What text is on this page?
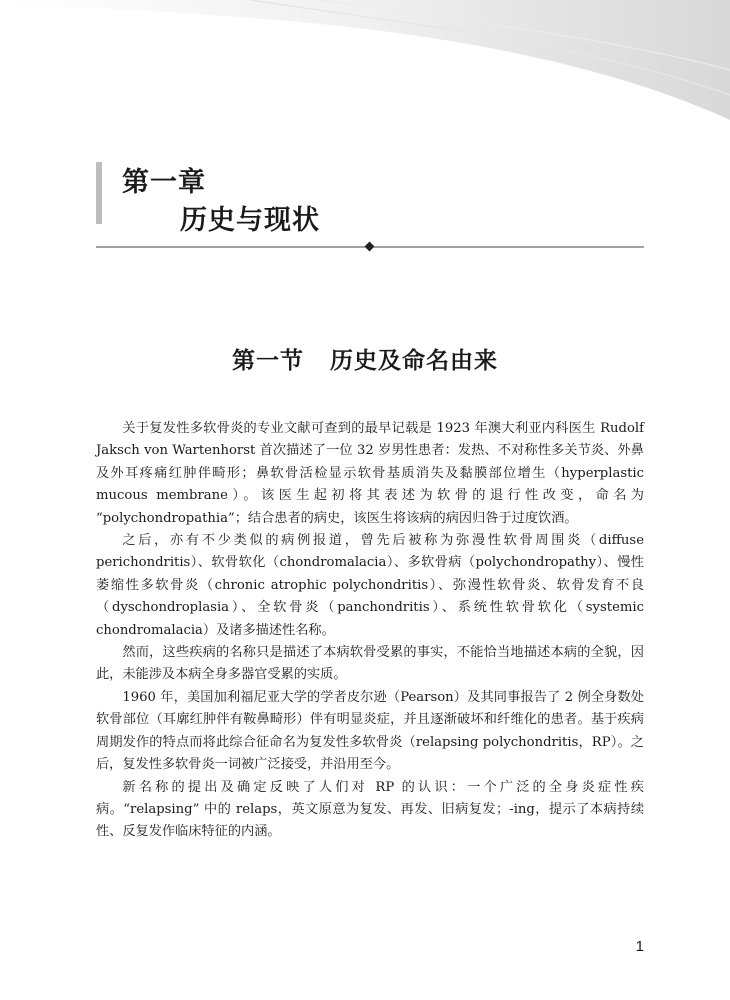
第一章
历史与现状
第一节 历史及命名由来

关于复发性多软骨炎的专业文献可查到的最早记载是 1923 年澳大利亚内科医生 Rudolf Jaksch von Wartenhorst 首次描述了一位 32 岁男性患者：发热、不对称性多关节炎、外鼻及外耳疼痛红肿伴畸形；鼻软骨活检显示软骨基质消失及黏膜部位增生（hyperplastic mucous membrane）。该医生起初将其表述为软骨的退行性改变，命名为 “polychondropathia”；结合患者的病史，该医生将该病的病因归咎于过度饮酒。

之后，亦有不少类似的病例报道，曾先后被称为弥漫性软骨周围炎（diffuse perichondritis）、软骨软化（chondromalacia）、多软骨病（polychondropathy）、慢性萎缩性多软骨炎（chronic atrophic polychondritis）、弥漫性软骨炎、软骨发育不良（dyschondroplasia）、全软骨炎（panchondritis）、系统性软骨软化（systemic chondromalacia）及诸多描述性名称。

然而，这些疾病的名称只是描述了本病软骨受累的事实，不能恰当地描述本病的全貌，因此，未能涉及本病全身多器官受累的实质。

1960 年，美国加利福尼亚大学的学者皮尔逊（Pearson）及其同事报告了 2 例全身数处软骨部位（耳廓红肿伴有鞍鼻畸形）伴有明显炎症，并且逐渐破坏和纤维化的患者。基于疾病周期发作的特点而将此综合征命名为复发性多软骨炎（relapsing polychondritis，RP）。之后，复发性多软骨炎一词被广泛接受，并沿用至今。

新名称的提出及确定反映了人们对 RP 的认识：一个广泛的全身炎症性疾病。“relapsing” 中的 relaps，英文原意为复发、再发、旧病复发；-ing，提示了本病持续性、反复发作临床特征的内涵。

1
